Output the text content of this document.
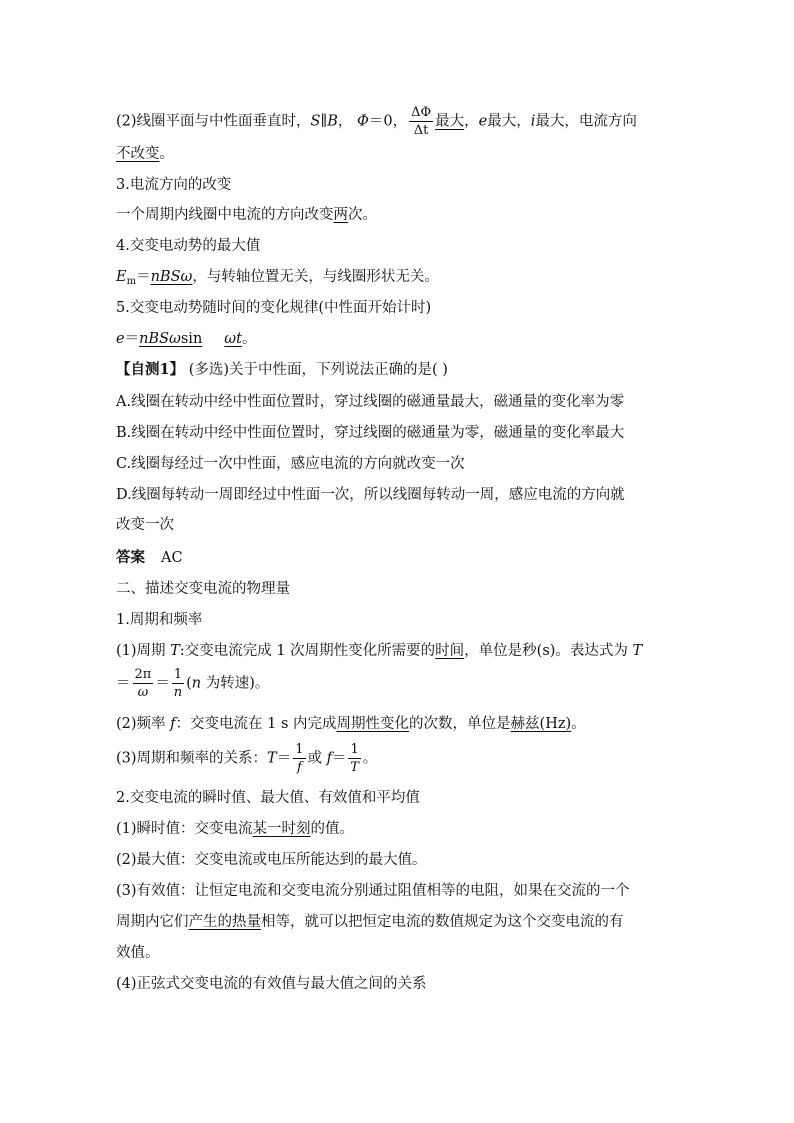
(2)线圈平面与中性面垂直时，S∥B， Φ＝0， $\frac{\Delta\Phi}{\Delta t}$ 最大，e最大，i最大，电流方向
不改变。
3.电流方向的改变
一个周期内线圈中电流的方向改变两次。
4.交变电动势的最大值
$E_m=nBS\omega$，与转轴位置无关，与线圈形状无关。
5.交变电动势随时间的变化规律(中性面开始计时)
e＝nBSωsin ωt。
【自测1】 (多选)关于中性面，下列说法正确的是( )
A.线圈在转动中经中性面位置时，穿过线圈的磁通量最大，磁通量的变化率为零
B.线圈在转动中经中性面位置时，穿过线圈的磁通量为零，磁通量的变化率最大
C.线圈每经过一次中性面，感应电流的方向就改变一次
D.线圈每转动一周即经过中性面一次，所以线圈每转动一周，感应电流的方向就
改变一次
答案 AC
二、描述交变电流的物理量
1.周期和频率
(1)周期 T:交变电流完成 1 次周期性变化所需要的时间，单位是秒(s)。表达式为 T
＝ $\frac{2\pi}{\omega} = \frac{1}{n} (n$ 为转速)。
(2)频率 f：交变电流在 1 s 内完成周期性变化的次数，单位是赫兹(Hz)。
(3)周期和频率的关系：$T= \frac{1}{f}$ 或 $f= \frac{1}{T}$ 。
2.交变电流的瞬时值、最大值、有效值和平均值
(1)瞬时值：交变电流某一时刻的值。
(2)最大值：交变电流或电压所能达到的最大值。
(3)有效值：让恒定电流和交变电流分别通过阻值相等的电阻，如果在交流的一个
周期内它们产生的热量相等，就可以把恒定电流的数值规定为这个交变电流的有
效值。
(4)正弦式交变电流的有效值与最大值之间的关系
